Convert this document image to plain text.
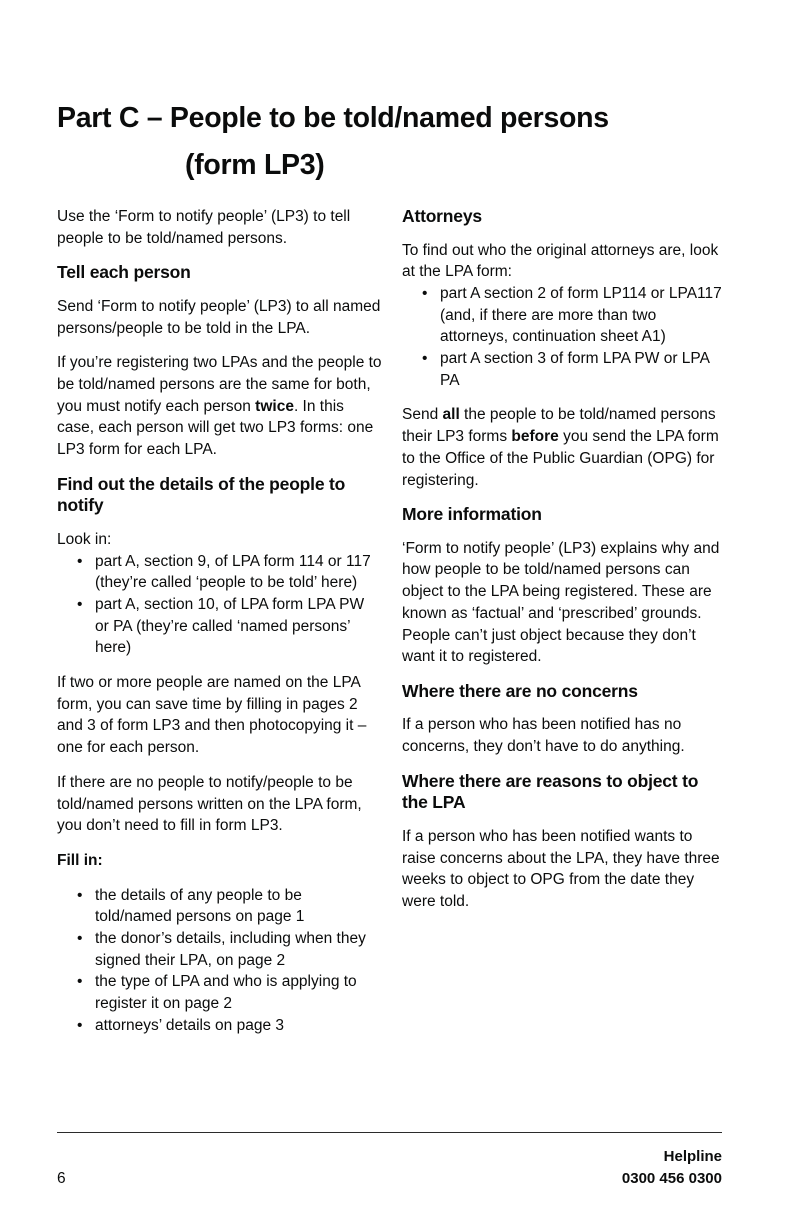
Part C – People to be told/named persons
(form LP3)

Use the ‘Form to notify people’ (LP3) to tell people to be told/named persons.

Tell each person

Send ‘Form to notify people’ (LP3) to all named persons/people to be told in the LPA.

If you’re registering two LPAs and the people to be told/named persons are the same for both, you must notify each person twice. In this case, each person will get two LP3 forms: one LP3 form for each LPA.

Find out the details of the people to notify

Look in:

• part A, section 9, of LPA form 114 or 117 (they’re called ‘people to be told’ here)
• part A, section 10, of LPA form LPA PW or PA (they’re called ‘named persons’ here)

If two or more people are named on the LPA form, you can save time by filling in pages 2 and 3 of form LP3 and then photocopying it – one for each person.

If there are no people to notify/people to be told/named persons written on the LPA form, you don’t need to fill in form LP3.

Fill in:

• the details of any people to be told/named persons on page 1
• the donor’s details, including when they signed their LPA, on page 2
• the type of LPA and who is applying to register it on page 2
• attorneys’ details on page 3
Attorneys

To find out who the original attorneys are, look at the LPA form:

• part A section 2 of form LP114 or LPA117 (and, if there are more than two attorneys, continuation sheet A1)
• part A section 3 of form LPA PW or LPA PA

Send all the people to be told/named persons their LP3 forms before you send the LPA form to the Office of the Public Guardian (OPG) for registering.

More information

‘Form to notify people’ (LP3) explains why and how people to be told/named persons can object to the LPA being registered. These are known as ‘factual’ and ‘prescribed’ grounds. People can’t just object because they don’t want it to registered.

Where there are no concerns

If a person who has been notified has no concerns, they don’t have to do anything.

Where there are reasons to object to the LPA

If a person who has been notified wants to raise concerns about the LPA, they have three weeks to object to OPG from the date they were told.

6
Helpline
0300 456 0300
